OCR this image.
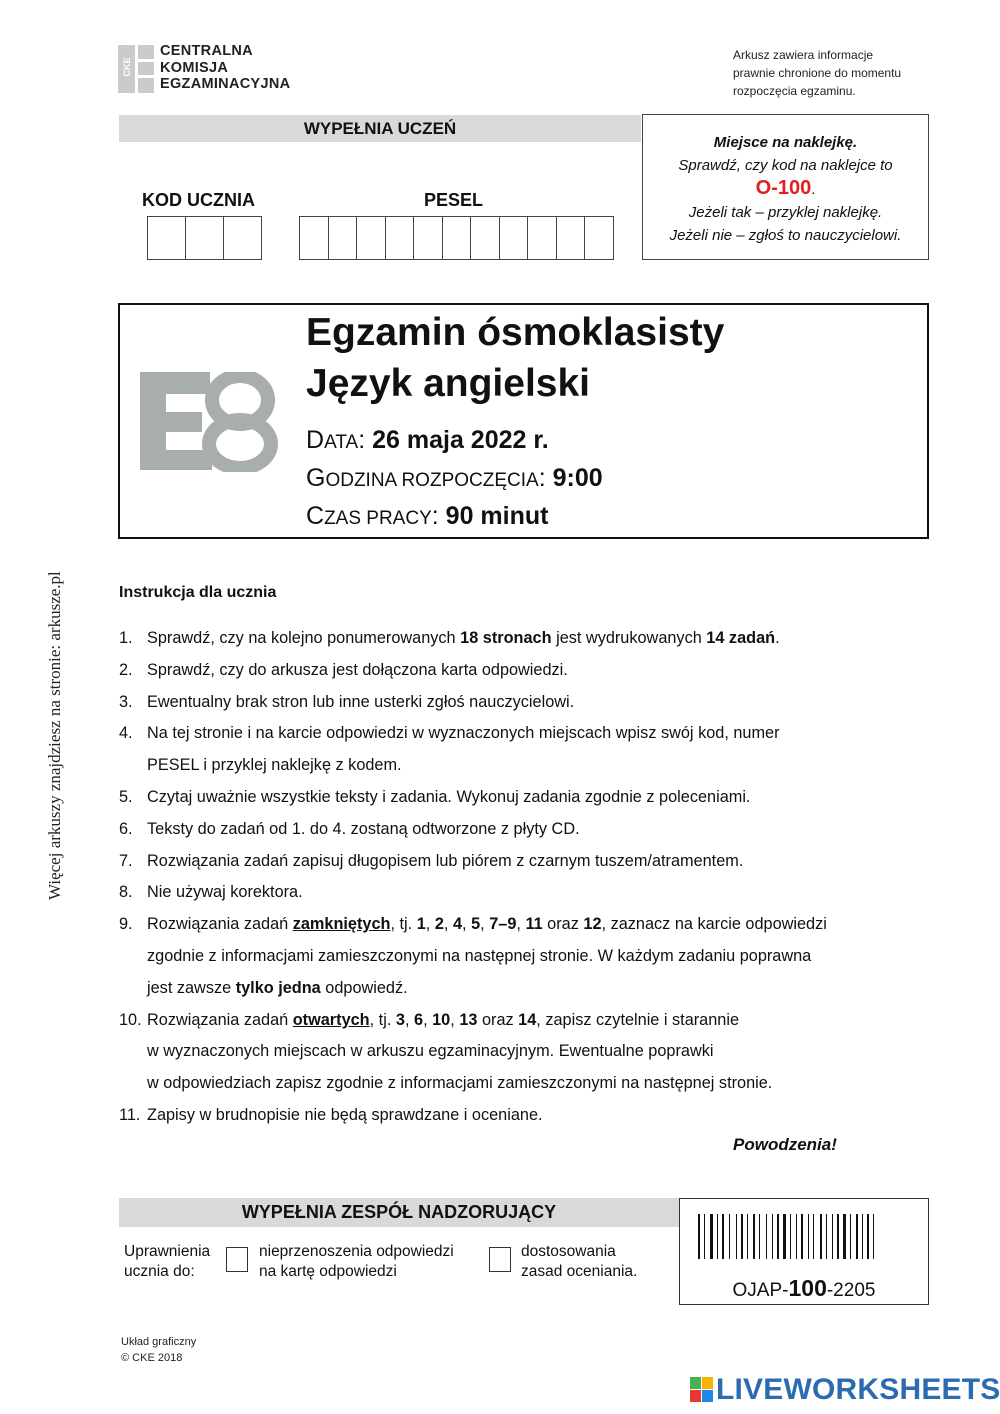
CKE
CENTRALNA
KOMISJA
EGZAMINACYJNA
Arkusz zawiera informacje
prawnie chronione do momentu
rozpoczęcia egzaminu.
WYPEŁNIA UCZEŃ
KOD UCZNIA	PESEL
Miejsce na naklejkę.
Sprawdź, czy kod na naklejce to
O-100.
Jeżeli tak – przyklej naklejkę.
Jeżeli nie – zgłoś to nauczycielowi.
Egzamin ósmoklasisty
Język angielski
DATA: 26 maja 2022 r.
GODZINA ROZPOCZĘCIA: 9:00
CZAS PRACY: 90 minut
Więcej arkuszy znajdziesz na stronie: arkusze.pl	Instrukcja dla ucznia
1. Sprawdź, czy na kolejno ponumerowanych 18 stronach jest wydrukowanych 14 zadań.
2. Sprawdź, czy do arkusza jest dołączona karta odpowiedzi.
3. Ewentualny brak stron lub inne usterki zgłoś nauczycielowi.
4. Na tej stronie i na karcie odpowiedzi w wyznaczonych miejscach wpisz swój kod, numer
PESEL i przyklej naklejkę z kodem.
5. Czytaj uważnie wszystkie teksty i zadania. Wykonuj zadania zgodnie z poleceniami.
6. Teksty do zadań od 1. do 4. zostaną odtworzone z płyty CD.
7. Rozwiązania zadań zapisuj długopisem lub piórem z czarnym tuszem/atramentem.
8. Nie używaj korektora.
9. Rozwiązania zadań zamkniętych, tj. 1, 2, 4, 5, 7–9, 11 oraz 12, zaznacz na karcie odpowiedzi
zgodnie z informacjami zamieszczonymi na następnej stronie. W każdym zadaniu poprawna
jest zawsze tylko jedna odpowiedź.
10. Rozwiązania zadań otwartych, tj. 3, 6, 10, 13 oraz 14, zapisz czytelnie i starannie
w wyznaczonych miejscach w arkuszu egzaminacyjnym. Ewentualne poprawki
w odpowiedziach zapisz zgodnie z informacjami zamieszczonymi na następnej stronie.
11. Zapisy w brudnopisie nie będą sprawdzane i oceniane.
Powodzenia!
WYPEŁNIA ZESPÓŁ NADZORUJĄCY
Uprawnienia
ucznia do:
nieprzenoszenia odpowiedzi
na kartę odpowiedzi
dostosowania
zasad oceniania.
OJAP-100-2205
Układ graficzny
© CKE 2018
LIVEWORKSHEETS
